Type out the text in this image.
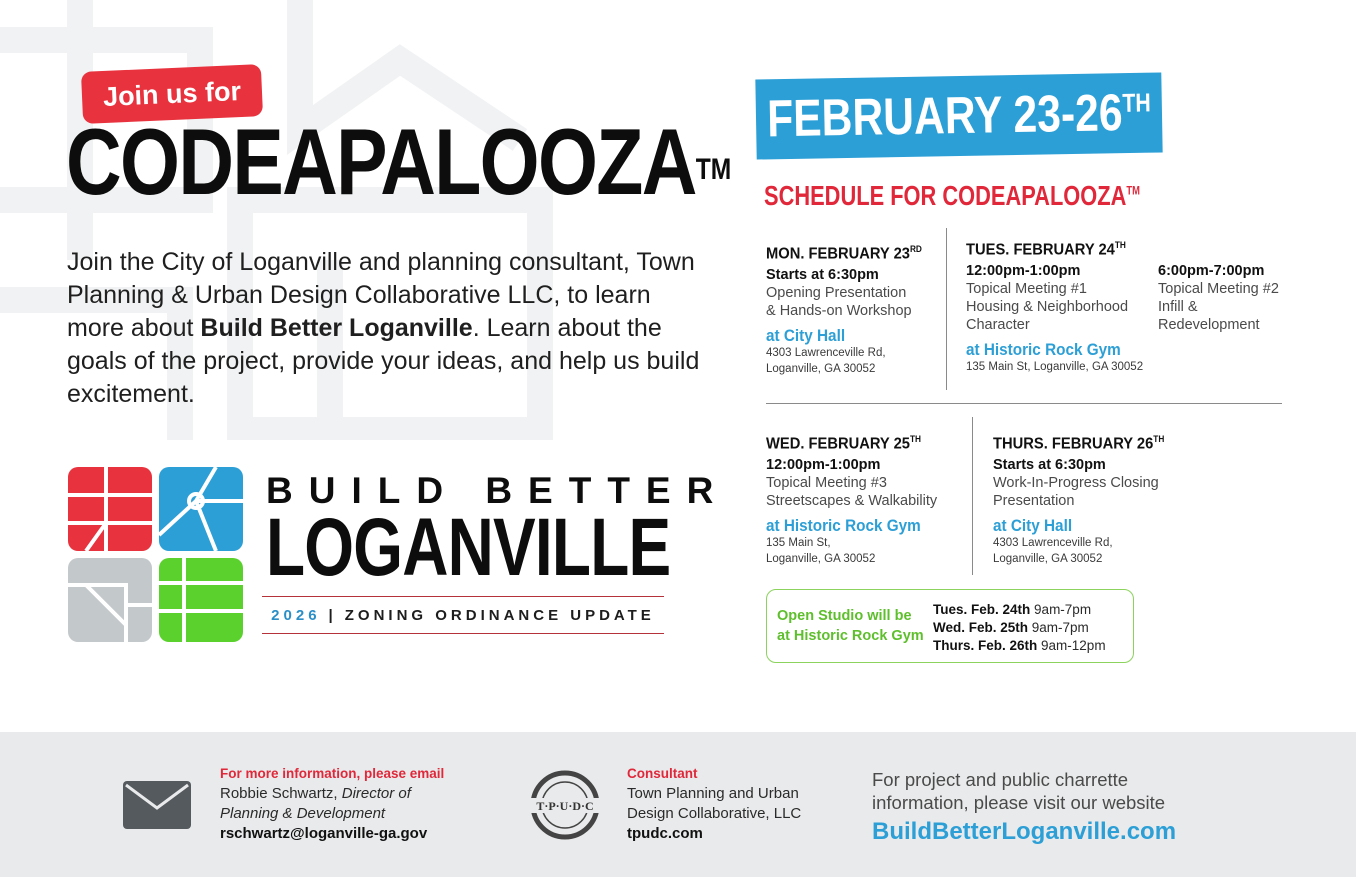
Join us for
CODEAPALOOZA™

Join the City of Loganville and planning consultant, Town Planning & Urban Design Collaborative LLC, to learn more about Build Better Loganville. Learn about the goals of the project, provide your ideas, and help us build excitement.

BUILD BETTER
LOGANVILLE
2026 | ZONING ORDINANCE UPDATE
FEBRUARY 23-26TH
SCHEDULE FOR CODEAPALOOZA™
MON. FEBRUARY 23RD
Starts at 6:30pm
Opening Presentation
& Hands-on Workshop
at City Hall
4303 Lawrenceville Rd,
Loganville, GA 30052
TUES. FEBRUARY 24TH
12:00pm-1:00pm
Topical Meeting #1
Housing & Neighborhood
Character
6:00pm-7:00pm
Topical Meeting #2
Infill &
Redevelopment
at Historic Rock Gym
135 Main St, Loganville, GA 30052
WED. FEBRUARY 25TH
12:00pm-1:00pm
Topical Meeting #3
Streetscapes & Walkability
at Historic Rock Gym
135 Main St,
Loganville, GA 30052
THURS. FEBRUARY 26TH
Starts at 6:30pm
Work-In-Progress Closing
Presentation
at City Hall
4303 Lawrenceville Rd,
Loganville, GA 30052
Open Studio will be
at Historic Rock Gym
Tues. Feb. 24th 9am-7pm
Wed. Feb. 25th 9am-7pm
Thurs. Feb. 26th 9am-12pm
For more information, please email
Robbie Schwartz, Director of
Planning & Development
rschwartz@loganville-ga.gov
T·P·U·D·C
Consultant
Town Planning and Urban
Design Collaborative, LLC
tpudc.com
For project and public charrette
information, please visit our website
BuildBetterLoganville.com
